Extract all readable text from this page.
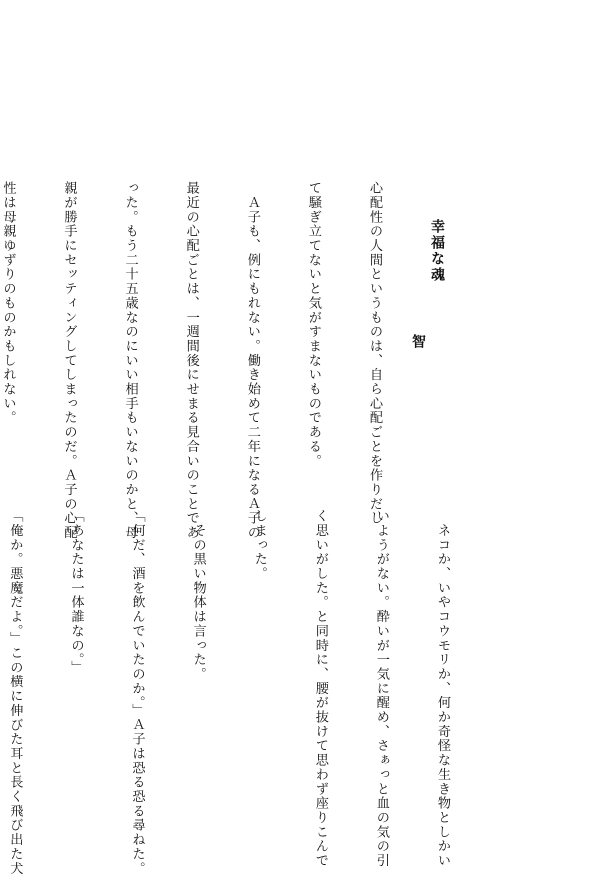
幸福な魂

智

心配性の人間というものは、自ら心配ごとを作りだし

て騒ぎ立てないと気がすまないものである。

　Ａ子も、例にもれない。働き始めて二年になるＡ子の

最近の心配ごとは、一週間後にせまる見合いのことであ

った。もう二十五歳なのにいい相手もいないのかと、母

親が勝手にセッティングしてしまったのだ。Ａ子の心配

性は母親ゆずりのものかもしれない。

　ネコか、いやコウモリか、何か奇怪な生き物としかい

いようがない。酔いが一気に醒め、さぁっと血の気の引

く思いがした。と同時に、腰が抜けて思わず座りこんで

しまった。

　その黒い物体は言った。

「何だ、酒を飲んでいたのか。」Ａ子は恐る恐る尋ねた。

「あなたは一体誰なの。」

「俺か。悪魔だよ。」この横に伸びた耳と長く飛び出た犬
